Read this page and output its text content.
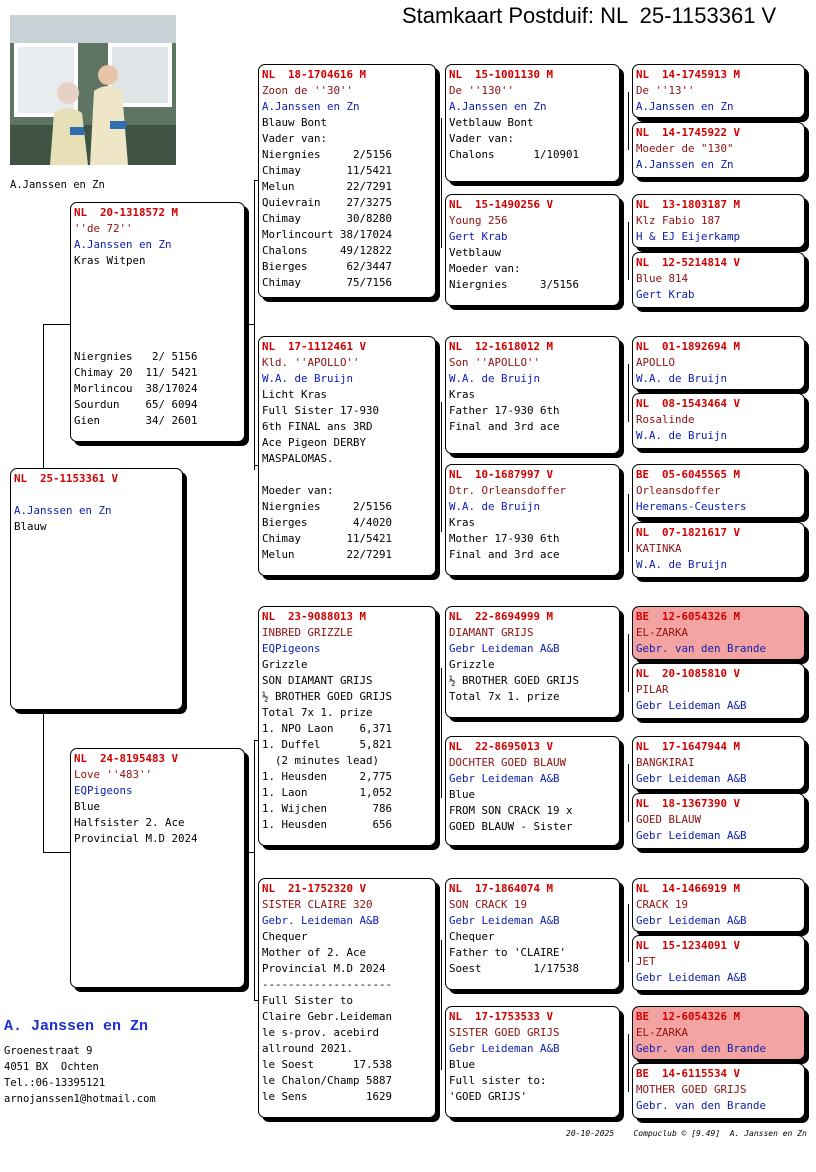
Stamkaart Postduif: NL  25-1153361 V
A.Janssen en Zn
NL  25-1153361 V
A.Janssen en Zn
Blauw
NL  20-1318572 M
''de 72''
A.Janssen en Zn
Kras Witpen
Niergnies   2/ 5156
Chimay 20  11/ 5421
Morlincou  38/17024
Sourdun    65/ 6094
Gien       34/ 2601
NL  24-8195483 V
Love ''483''
EQPigeons
Blue
Halfsister 2. Ace
Provincial M.D 2024
NL  18-1704616 M
Zoon de ''30''
A.Janssen en Zn
Blauw Bont
Vader van:
Niergnies     2/5156
Chimay       11/5421
Melun        22/7291
Quievrain    27/3275
Chimay       30/8280
Morlincourt 38/17024
Chalons     49/12822
Bierges      62/3447
Chimay       75/7156
NL  17-1112461 V
Kld. ''APOLLO''
W.A. de Bruijn
Licht Kras
Full Sister 17-930
6th FINAL ans 3RD
Ace Pigeon DERBY
MASPALOMAS.
Moeder van:
Niergnies     2/5156
Bierges       4/4020
Chimay       11/5421
Melun        22/7291
NL  23-9088013 M
INBRED GRIZZLE
EQPigeons
Grizzle
SON DIAMANT GRIJS
½ BROTHER GOED GRIJS
Total 7x 1. prize
1. NPO Laon    6,371
1. Duffel      5,821
(2 minutes lead)
1. Heusden     2,775
1. Laon        1,052
1. Wijchen       786
1. Heusden       656
NL  21-1752320 V
SISTER CLAIRE 320
Gebr. Leideman A&B
Chequer
Mother of 2. Ace
Provincial M.D 2024
--------------------
Full Sister to
Claire Gebr.Leideman
le s-prov. acebird
allround 2021.
le Soest      17.538
le Chalon/Champ 5887
le Sens         1629
NL  15-1001130 M
De ''130''
A.Janssen en Zn
Vetblauw Bont
Vader van:
Chalons      1/10901
NL  15-1490256 V
Young 256
Gert Krab
Vetblauw
Moeder van:
Niergnies     3/5156
NL  12-1618012 M
Son ''APOLLO''
W.A. de Bruijn
Kras
Father 17-930 6th
Final and 3rd ace
NL  10-1687997 V
Dtr. Orleansdoffer
W.A. de Bruijn
Kras
Mother 17-930 6th
Final and 3rd ace
NL  22-8694999 M
DIAMANT GRIJS
Gebr Leideman A&B
Grizzle
½ BROTHER GOED GRIJS
Total 7x 1. prize
NL  22-8695013 V
DOCHTER GOED BLAUW
Gebr Leideman A&B
Blue
FROM SON CRACK 19 x
GOED BLAUW - Sister
NL  17-1864074 M
SON CRACK 19
Gebr Leideman A&B
Chequer
Father to 'CLAIRE'
Soest        1/17538
NL  17-1753533 V
SISTER GOED GRIJS
Gebr Leideman A&B
Blue
Full sister to:
'GOED GRIJS'
NL  14-1745913 M
De ''13''
A.Janssen en Zn
NL  14-1745922 V
Moeder de "130"
A.Janssen en Zn
NL  13-1803187 M
Klz Fabio 187
H & EJ Eijerkamp
NL  12-5214814 V
Blue 814
Gert Krab
NL  01-1892694 M
APOLLO
W.A. de Bruijn
NL  08-1543464 V
Rosalinde
W.A. de Bruijn
BE  05-6045565 M
Orleansdoffer
Heremans-Ceusters
NL  07-1821617 V
KATINKA
W.A. de Bruijn
BE  12-6054326 M
EL-ZARKA
Gebr. van den Brande
NL  20-1085810 V
PILAR
Gebr Leideman A&B
NL  17-1647944 M
BANGKIRAI
Gebr Leideman A&B
NL  18-1367390 V
GOED BLAUW
Gebr Leideman A&B
NL  14-1466919 M
CRACK 19
Gebr Leideman A&B
NL  15-1234091 V
JET
Gebr Leideman A&B
BE  12-6054326 M
EL-ZARKA
Gebr. van den Brande
BE  14-6115534 V
MOTHER GOED GRIJS
Gebr. van den Brande
A. Janssen en Zn
Groenestraat 9
4051 BX  Ochten
Tel.:06-13395121
arnojanssen1@hotmail.com
20-10-2025    Compuclub © [9.49]  A. Janssen en Zn
